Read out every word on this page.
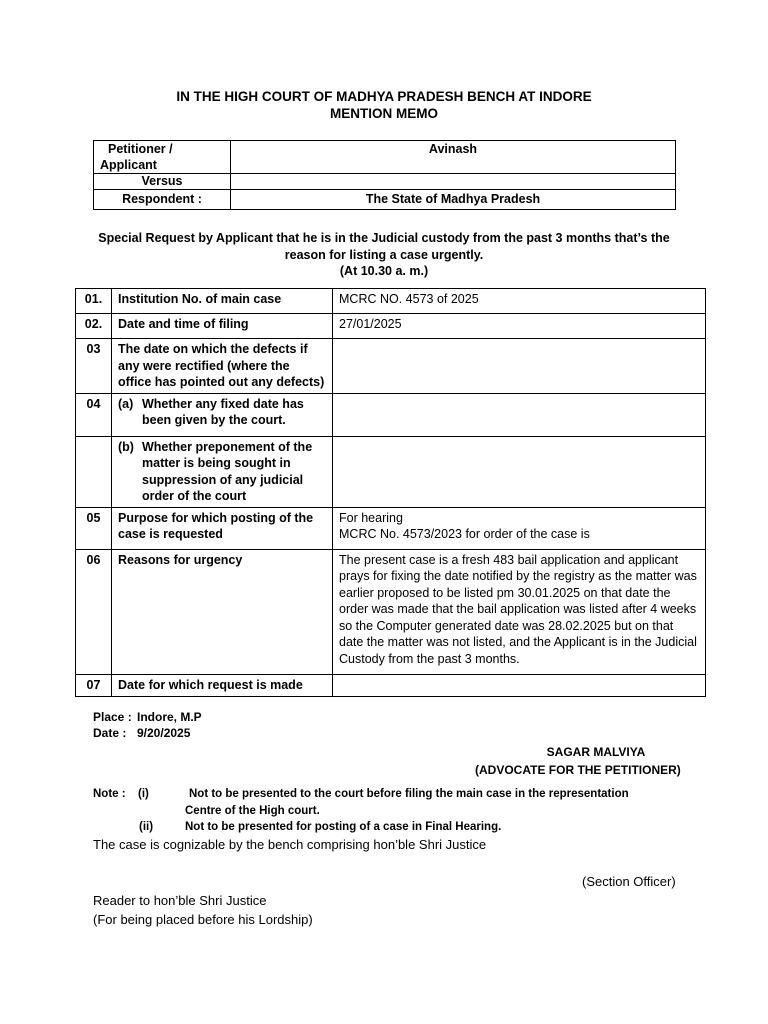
IN THE HIGH COURT OF MADHYA PRADESH BENCH AT INDORE
MENTION MEMO
Petitioner /
Applicant	Avinash
Versus	
Respondent :	The State of Madhya Pradesh
Special Request by Applicant that he is in the Judicial custody from the past 3 months that’s the
reason for listing a case urgently.
(At 10.30 a. m.)
01.	Institution No. of main case	MCRC NO. 4573 of 2025
02.	Date and time of filing	27/01/2025
03	The date on which the defects if any were rectified (where the office has pointed out any defects)	
04	(a) Whether any fixed date has been given by the court.	

	(b) Whether preponement of the matter is being sought in suppression of any judicial order of the court	

05	Purpose for which posting of the case is requested	For hearing
MCRC No. 4573/2023 for order of the case is

06	Reasons for urgency	The present case is a fresh 483 bail application and applicant prays for fixing the date notified by the registry as the matter was earlier proposed to be listed pm 30.01.2025 on that date the order was made that the bail application was listed after 4 weeks so the Computer generated date was 28.02.2025 but on that date the matter was not listed, and the Applicant is in the Judicial Custody from the past 3 months.
07	Date for which request is made	
Place : Indore, M.P
Date : 9/20/2025
SAGAR MALVIYA
(ADVOCATE FOR THE PETITIONER)
Note : (i)	Not to be presented to the court before filing the main case in the representation
Centre of the High court.
(ii)	Not to be presented for posting of a case in Final Hearing.
The case is cognizable by the bench comprising hon’ble Shri Justice
(Section Officer)
Reader to hon’ble Shri Justice
(For being placed before his Lordship)
